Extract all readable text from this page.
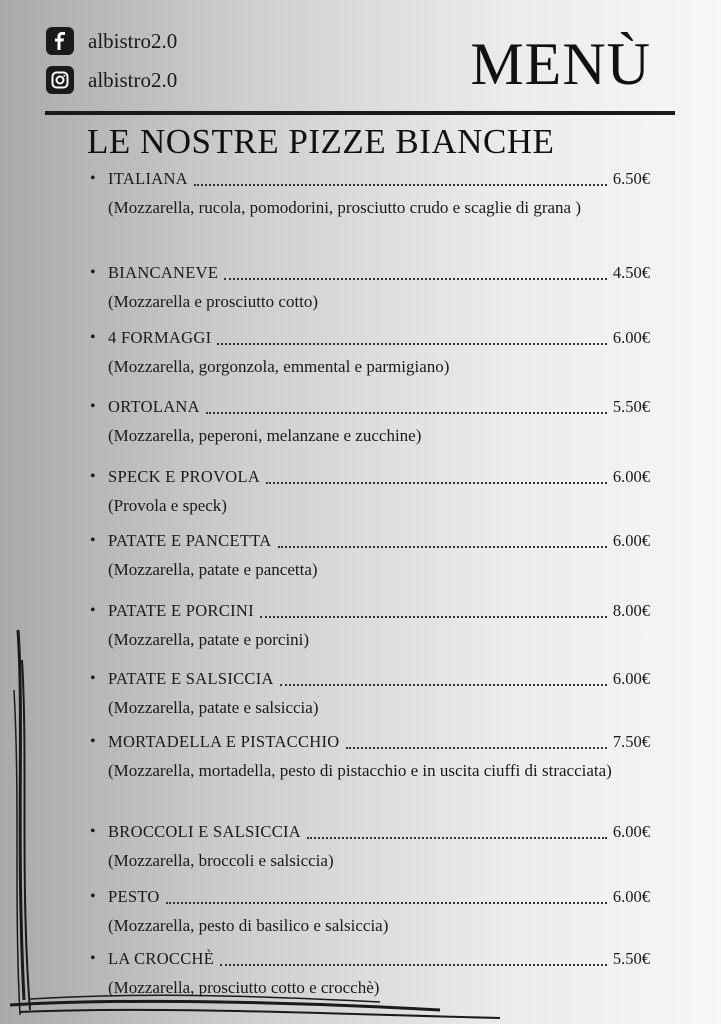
albistro2.0
albistro2.0	MENÙ
LE NOSTRE PIZZE BIANCHE
• ITALIANA	6.50€
(Mozzarella, rucola, pomodorini, prosciutto crudo e scaglie di grana )
• BIANCANEVE	4.50€
(Mozzarella e prosciutto cotto)
• 4 FORMAGGI	6.00€
(Mozzarella, gorgonzola, emmental e parmigiano)
• ORTOLANA	5.50€
(Mozzarella, peperoni, melanzane e zucchine)
• SPECK E PROVOLA	6.00€
(Provola e speck)
• PATATE E PANCETTA	6.00€
(Mozzarella, patate e pancetta)
• PATATE E PORCINI	8.00€
(Mozzarella, patate e porcini)
• PATATE E SALSICCIA	6.00€
(Mozzarella, patate e salsiccia)
• MORTADELLA E PISTACCHIO	7.50€
(Mozzarella, mortadella, pesto di pistacchio e in uscita ciuffi di stracciata)
• BROCCOLI E SALSICCIA	6.00€
(Mozzarella, broccoli e salsiccia)
• PESTO	6.00€
(Mozzarella, pesto di basilico e salsiccia)
• LA CROCCHÈ	5.50€
(Mozzarella, prosciutto cotto e crocchè)
